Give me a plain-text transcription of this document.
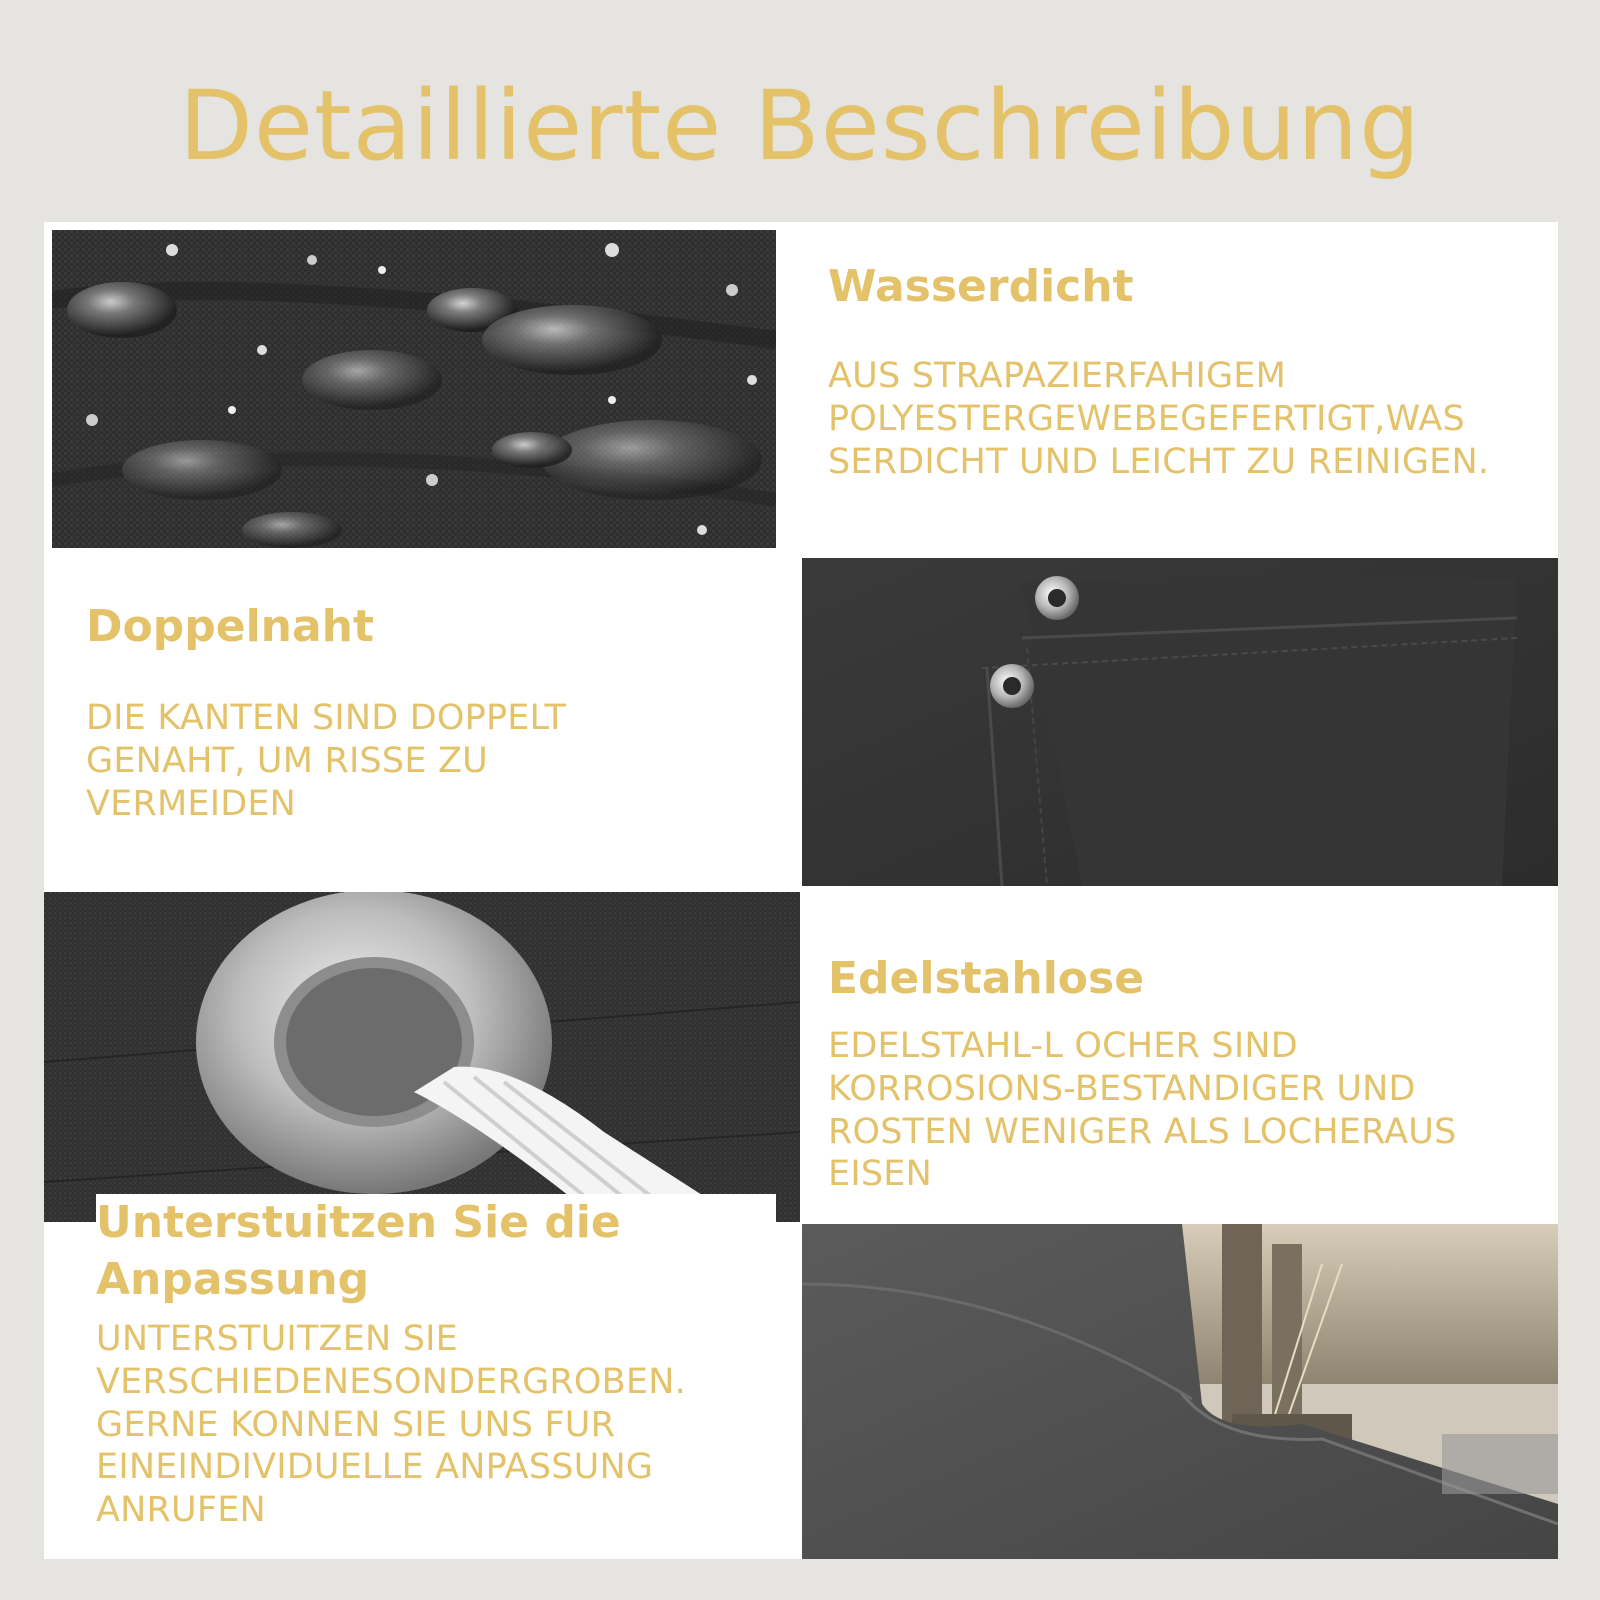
Detaillierte Beschreibung
Wasserdicht
AUS STRAPAZIERFAHIGEM POLYESTERGEWEBEGEFERTIGT,WAS SERDICHT UND LEICHT ZU REINIGEN.
Doppelnaht
DIE KANTEN SIND DOPPELT GENAHT, UM RISSE ZU VERMEIDEN
Edelstahlose
EDELSTAHL-L OCHER SIND KORROSIONS-BESTANDIGER UND ROSTEN WENIGER ALS LOCHERAUS EISEN
Unterstuitzen Sie die Anpassung
UNTERSTUITZEN SIE VERSCHIEDENESONDERGROBEN. GERNE KONNEN SIE UNS FUR EINEINDIVIDUELLE ANPASSUNG ANRUFEN
